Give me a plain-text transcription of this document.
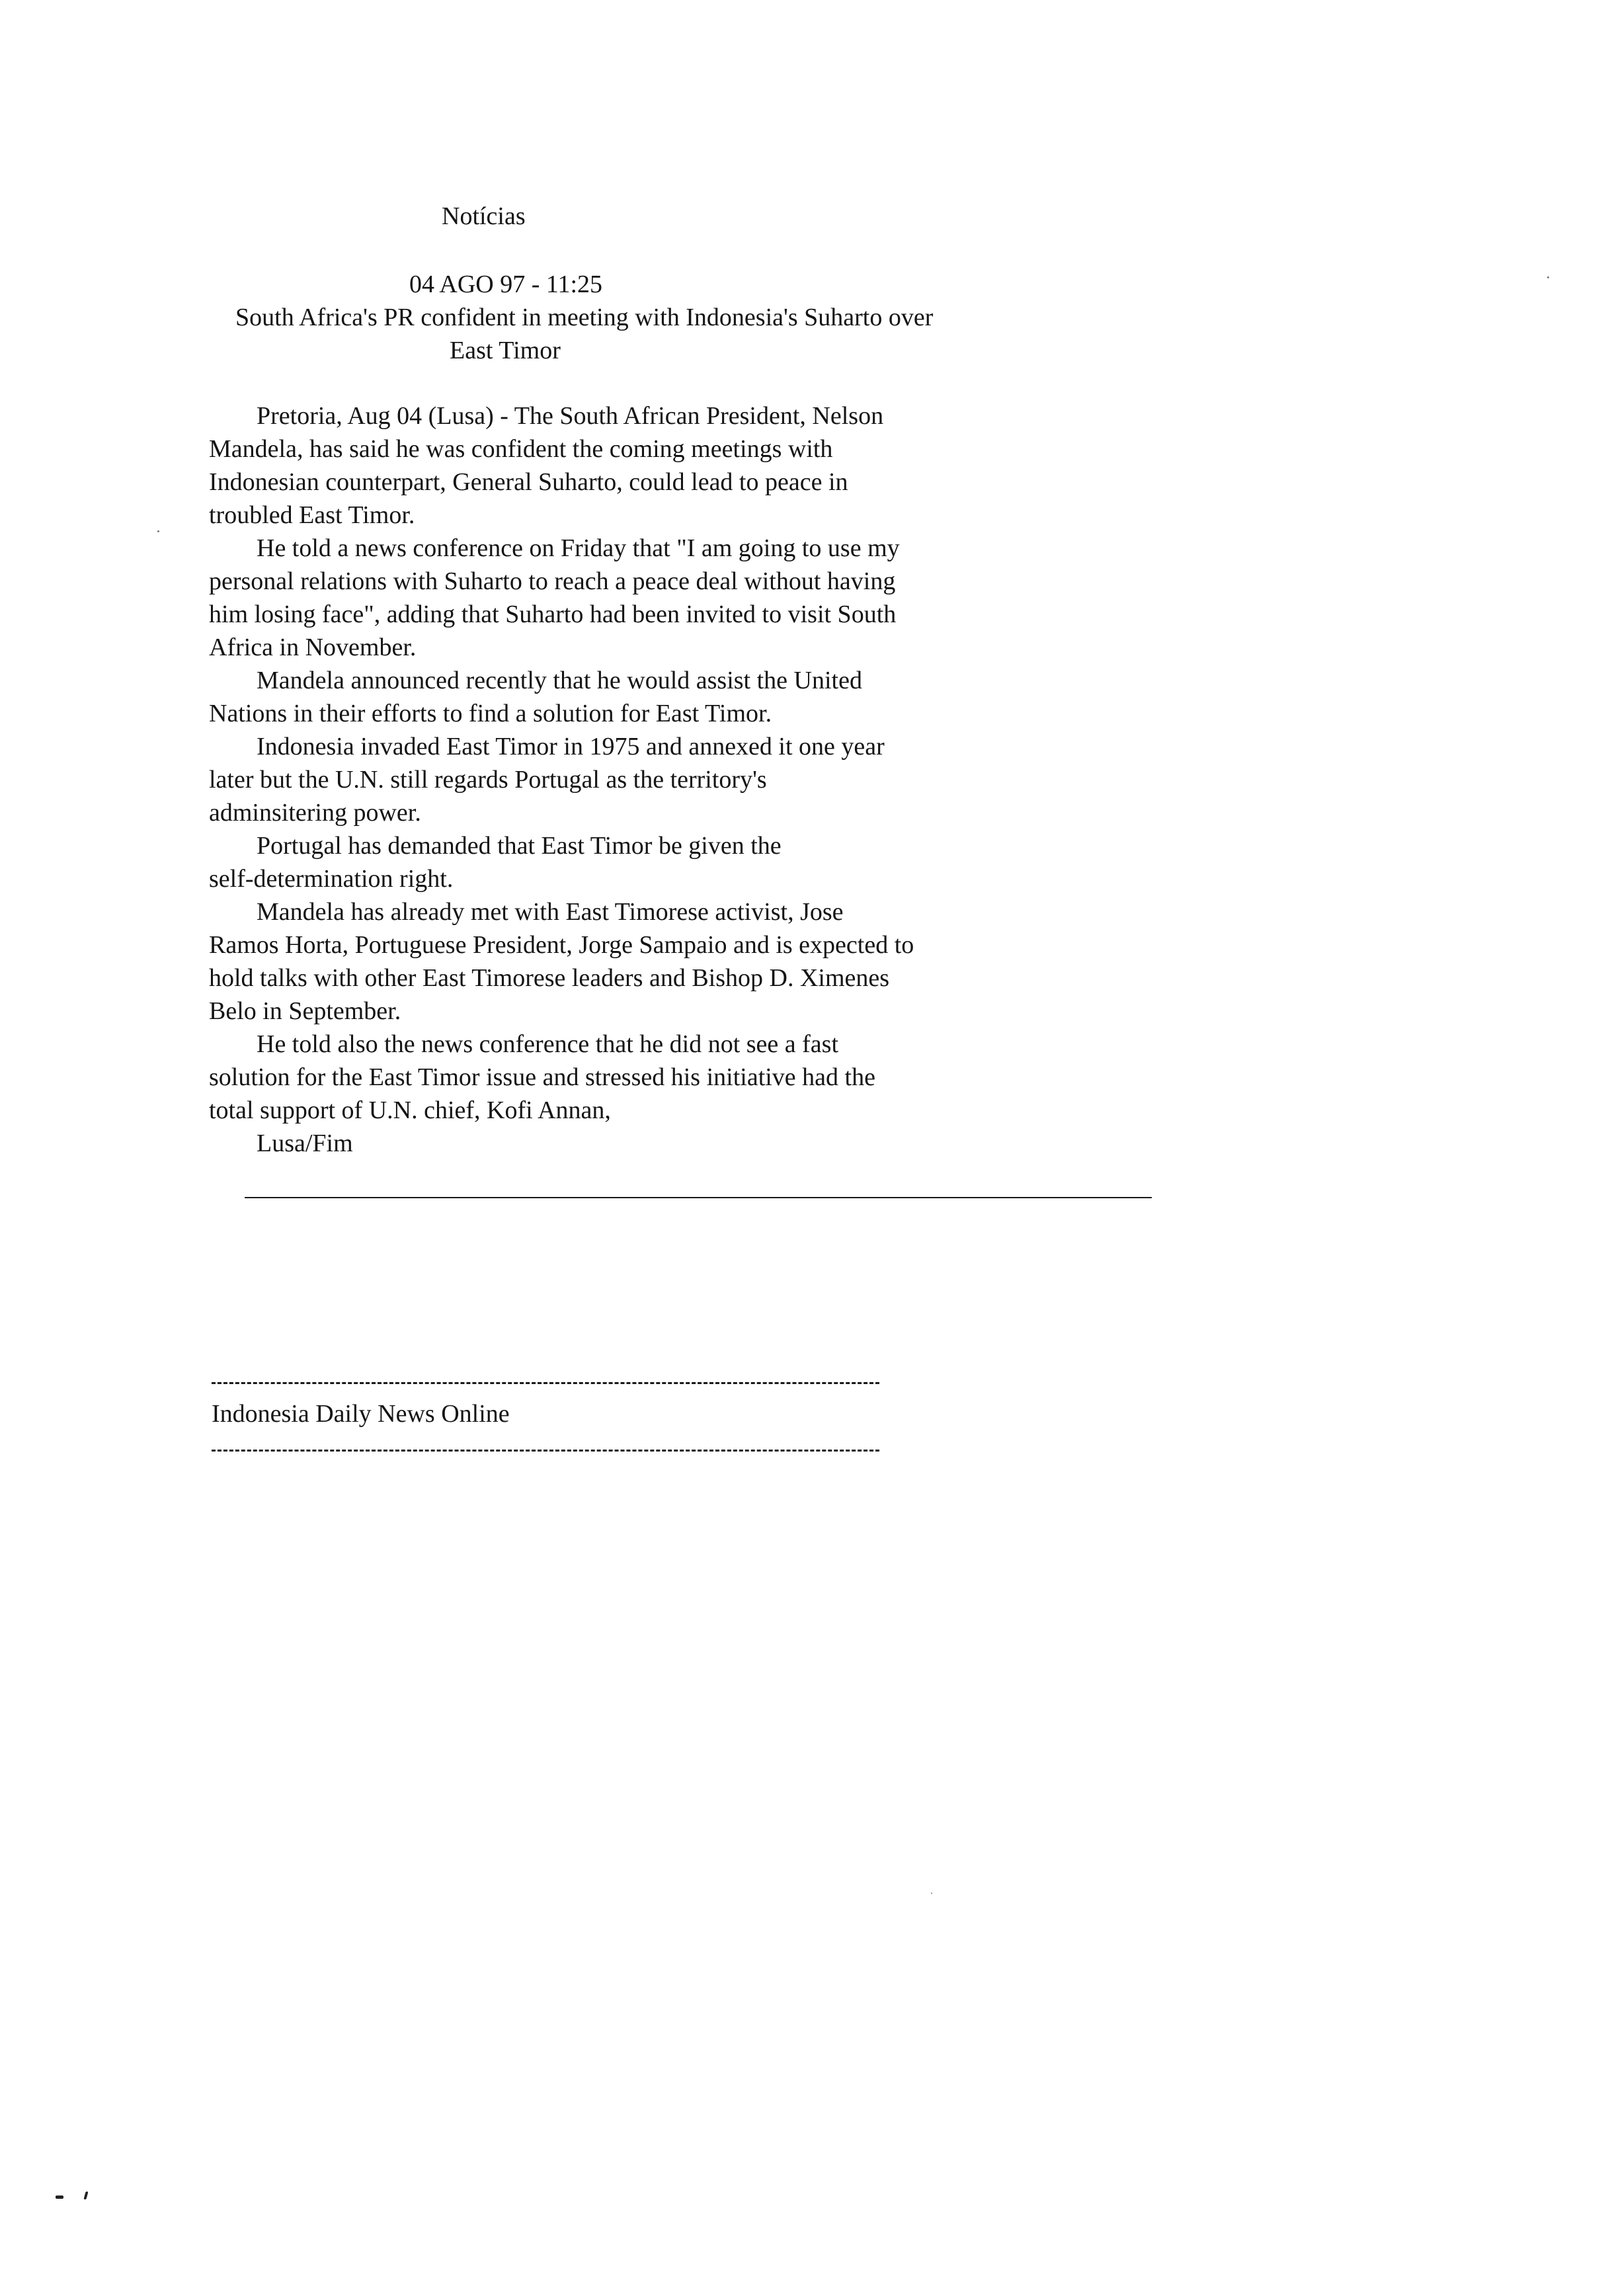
Notícias

04 AGO 97 - 11:25

South Africa's PR confident in meeting with Indonesia's Suharto over

East Timor

Pretoria, Aug 04 (Lusa) - The South African President, Nelson
Mandela, has said he was confident the coming meetings with
Indonesian counterpart, General Suharto, could lead to peace in
troubled East Timor.
He told a news conference on Friday that "I am going to use my
personal relations with Suharto to reach a peace deal without having
him losing face", adding that Suharto had been invited to visit South
Africa in November.
Mandela announced recently that he would assist the United
Nations in their efforts to find a solution for East Timor.
Indonesia invaded East Timor in 1975 and annexed it one year
later but the U.N. still regards Portugal as the territory's
adminsitering power.
Portugal has demanded that East Timor be given the
self-determination right.
Mandela has already met with East Timorese activist, Jose
Ramos Horta, Portuguese President, Jorge Sampaio and is expected to
hold talks with other East Timorese leaders and Bishop D. Ximenes
Belo in September.
He told also the news conference that he did not see a fast
solution for the East Timor issue and stressed his initiative had the
total support of U.N. chief, Kofi Annan,
Lusa/Fim

Indonesia Daily News Online
